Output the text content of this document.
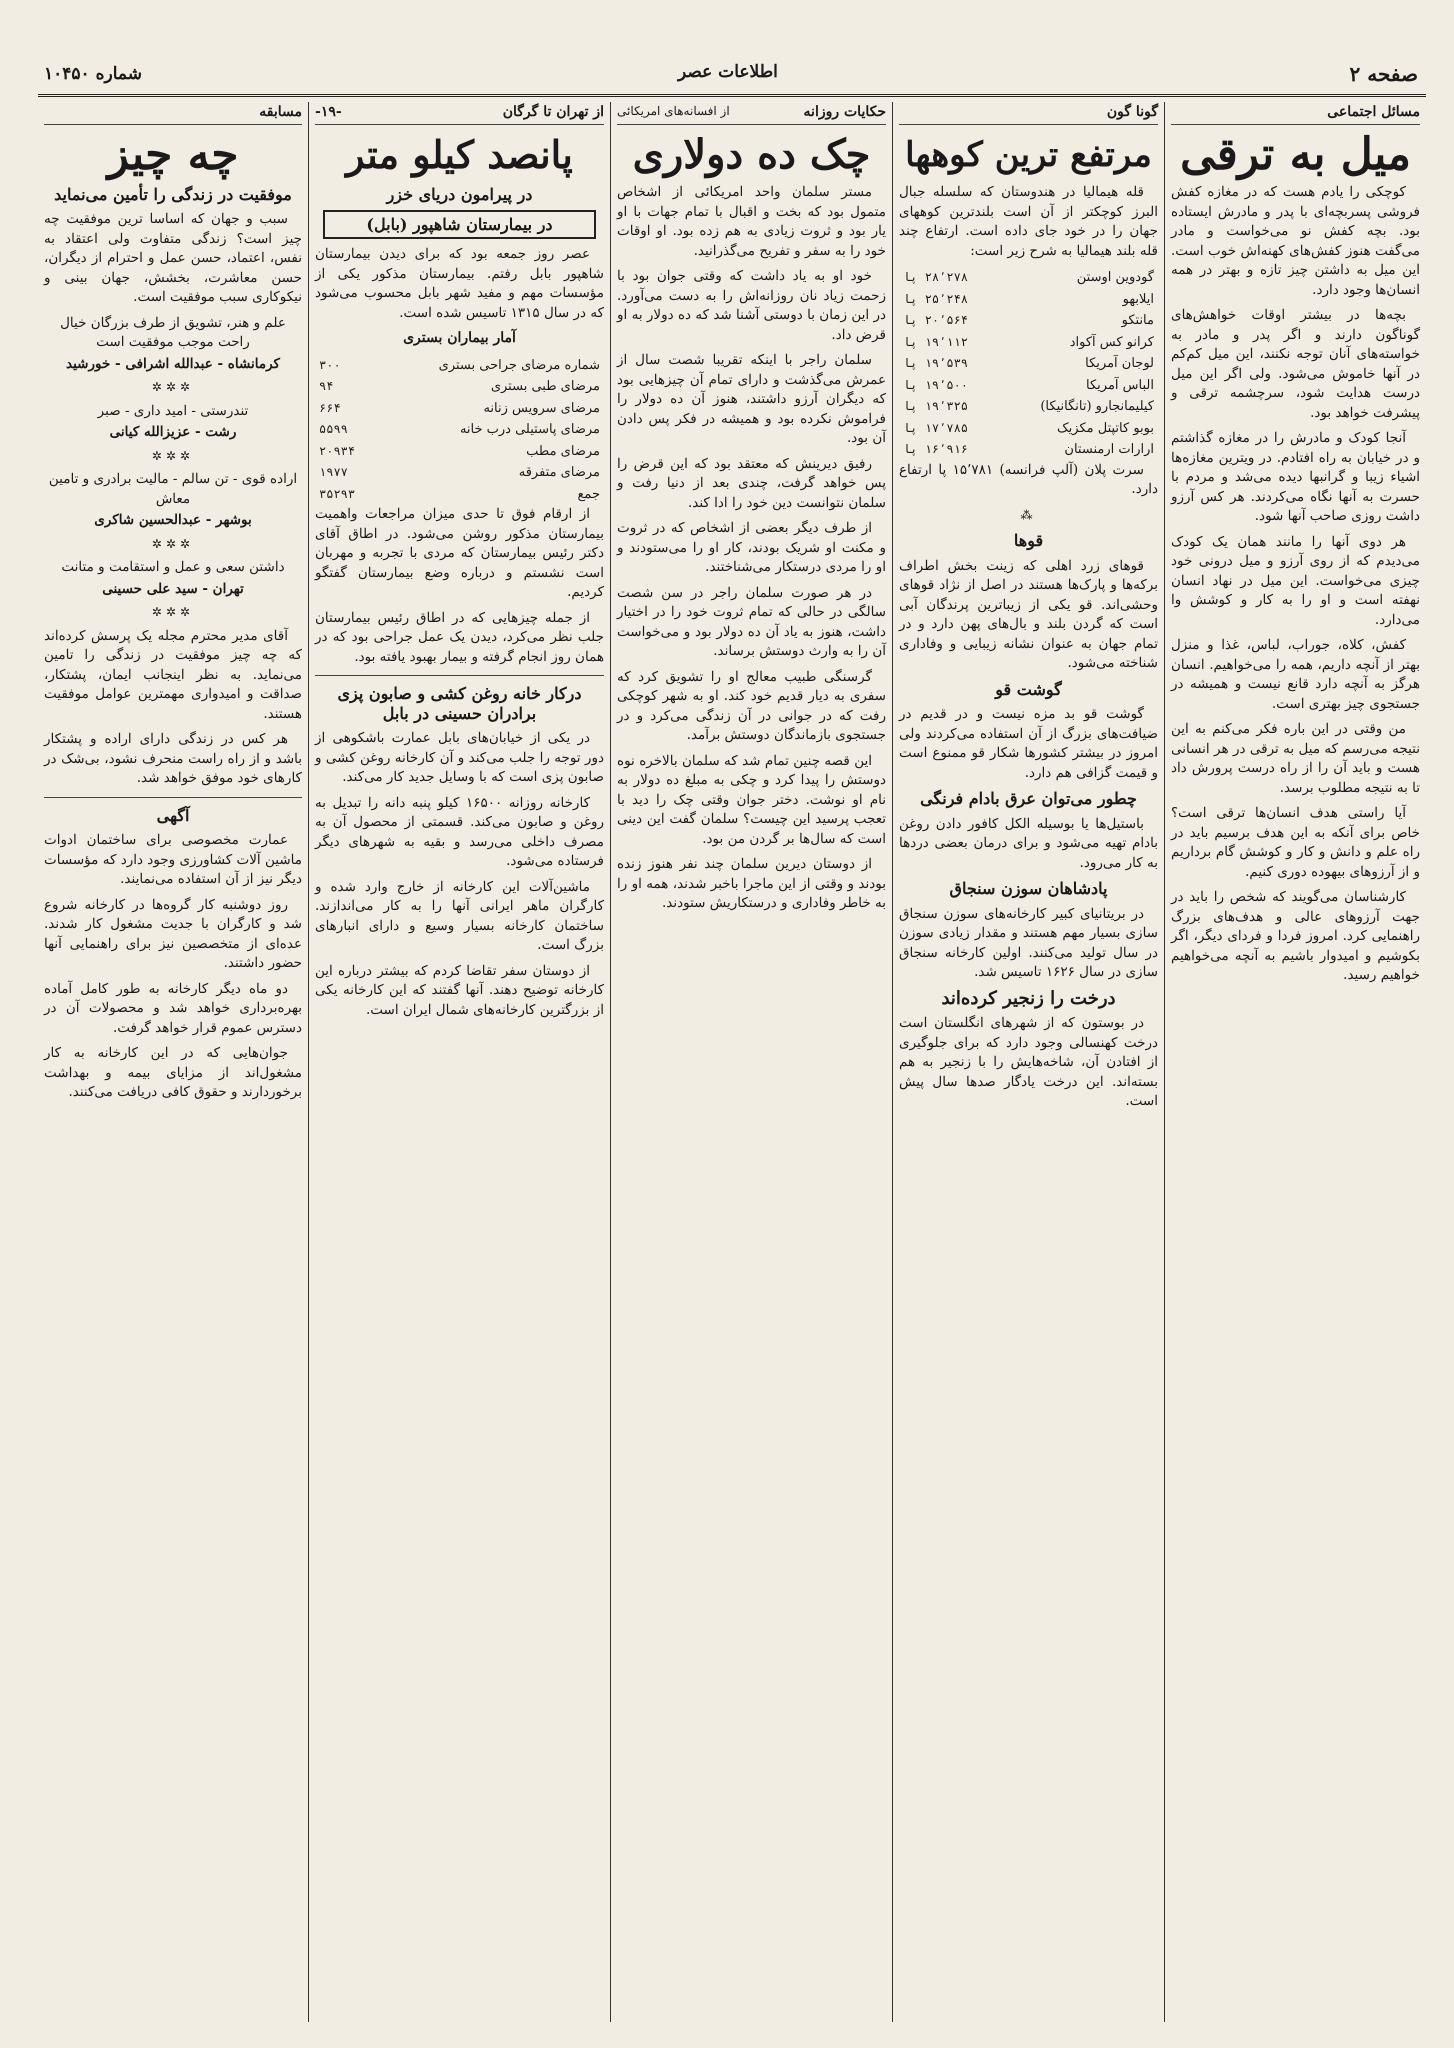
صفحه ۲
اطلاعات عصر
شماره ۱۰۴۵۰
مسائل اجتماعی
میل به ترقی

کوچکی را یادم هست که در مغازه کفش فروشی پسربچه‌ای با پدر و مادرش ایستاده بود. بچه کفش نو می‌خواست و مادر می‌گفت هنوز کفش‌های کهنه‌اش خوب است. این میل به داشتن چیز تازه و بهتر در همه انسان‌ها وجود دارد.

بچه‌ها در بیشتر اوقات خواهش‌های گوناگون دارند و اگر پدر و مادر به خواسته‌های آنان توجه نکنند، این میل کم‌کم در آنها خاموش می‌شود. ولی اگر این میل درست هدایت شود، سرچشمه ترقی و پیشرفت خواهد بود.

آنجا کودک و مادرش را در مغازه گذاشتم و در خیابان به راه افتادم. در ویترین مغازه‌ها اشیاء زیبا و گرانبها دیده می‌شد و مردم با حسرت به آنها نگاه می‌کردند. هر کس آرزو داشت روزی صاحب آنها شود.

هر دوی آنها را مانند همان یک کودک می‌دیدم که از روی آرزو و میل درونی خود چیزی می‌خواست. این میل در نهاد انسان نهفته است و او را به کار و کوشش وا می‌دارد.

کفش، کلاه، جوراب، لباس، غذا و منزل بهتر از آنچه داریم، همه را می‌خواهیم. انسان هرگز به آنچه دارد قانع نیست و همیشه در جستجوی چیز بهتری است.

من وقتی در این باره فکر می‌کنم به این نتیجه می‌رسم که میل به ترقی در هر انسانی هست و باید آن را از راه درست پرورش داد تا به نتیجه مطلوب برسد.

آیا راستی هدف انسان‌ها ترقی است؟ خاص برای آنکه به این هدف برسیم باید در راه علم و دانش و کار و کوشش گام برداریم و از آرزوهای بیهوده دوری کنیم.

کارشناسان می‌گویند که شخص را باید در جهت آرزوهای عالی و هدف‌های بزرگ راهنمایی کرد. امروز فردا و فردای دیگر، اگر بکوشیم و امیدوار باشیم به آنچه می‌خواهیم خواهیم رسید.

گونا گون
مرتفع ترین کوهها

قله هیمالیا در هندوستان که سلسله جبال البرز کوچکتر از آن است بلندترین کوههای جهان را در خود جای داده است. ارتفاع چند قله بلند هیمالیا به شرح زیر است:

گودوین اوستن	۲۸٬۲۷۸ پا
ایلابهو	۲۵٬۲۴۸ پا
مانتکو	۲۰٬۵۶۴ پا
کرانو کس آکواد	۱۹٬۱۱۲ پا
لوجان آمریکا	۱۹٬۵۳۹ پا
الباس آمریکا	۱۹٬۵۰۰ پا
کیلیمانجارو (تانگانیکا)	۱۹٬۳۲۵ پا
بوبو کاتپتل مکزیک	۱۷٬۷۸۵ پا
ارارات ارمنستان	۱۶٬۹۱۶ پا

سرت پلان (آلپ فرانسه) ۱۵٬۷۸۱ پا ارتفاع دارد.

⁂
قوها

قوهای زرد اهلی که زینت بخش اطراف برکه‌ها و پارک‌ها هستند در اصل از نژاد قوهای وحشی‌اند. قو یکی از زیباترین پرندگان آبی است که گردن بلند و بال‌های پهن دارد و در تمام جهان به عنوان نشانه زیبایی و وفاداری شناخته می‌شود.

گوشت قو

گوشت قو بد مزه نیست و در قدیم در ضیافت‌های بزرگ از آن استفاده می‌کردند ولی امروز در بیشتر کشورها شکار قو ممنوع است و قیمت گزافی هم دارد.

چطور می‌توان عرق بادام فرنگی

باستیل‌ها یا بوسیله الکل کافور دادن روغن بادام تهیه می‌شود و برای درمان بعضی دردها به کار می‌رود.

پادشاهان سوزن سنجاق

در بریتانیای کبیر کارخانه‌های سوزن سنجاق سازی بسیار مهم هستند و مقدار زیادی سوزن در سال تولید می‌کنند. اولین کارخانه سنجاق سازی در سال ۱۶۲۶ تاسیس شد.

درخت را زنجیر کرده‌اند

در بوستون که از شهرهای انگلستان است درخت کهنسالی وجود دارد که برای جلوگیری از افتادن آن، شاخه‌هایش را با زنجیر به هم بسته‌اند. این درخت یادگار صدها سال پیش است.

حکایات روزانه
از افسانه‌های امریکائی
چک ده دولاری

مستر سلمان واحد امریکائی از اشخاص متمول بود که بخت و اقبال با تمام جهات با او یار بود و ثروت زیادی به هم زده بود. او اوقات خود را به سفر و تفریح می‌گذرانید.

خود او به یاد داشت که وقتی جوان بود با زحمت زیاد نان روزانه‌اش را به دست می‌آورد. در این زمان با دوستی آشنا شد که ده دولار به او قرض داد.

سلمان راجر با اینکه تقریبا شصت سال از عمرش می‌گذشت و دارای تمام آن چیزهایی بود که دیگران آرزو داشتند، هنوز آن ده دولار را فراموش نکرده بود و همیشه در فکر پس دادن آن بود.

رفیق دیرینش که معتقد بود که این قرض را پس خواهد گرفت، چندی بعد از دنیا رفت و سلمان نتوانست دین خود را ادا کند.

از طرف دیگر بعضی از اشخاص که در ثروت و مکنت او شریک بودند، کار او را می‌ستودند و او را مردی درستکار می‌شناختند.

در هر صورت سلمان راجر در سن شصت سالگی در حالی که تمام ثروت خود را در اختیار داشت، هنوز به یاد آن ده دولار بود و می‌خواست آن را به وارث دوستش برساند.

گرسنگی طبیب معالج او را تشویق کرد که سفری به دیار قدیم خود کند. او به شهر کوچکی رفت که در جوانی در آن زندگی می‌کرد و در جستجوی بازماندگان دوستش برآمد.

این قصه چنین تمام شد که سلمان بالاخره نوه دوستش را پیدا کرد و چکی به مبلغ ده دولار به نام او نوشت. دختر جوان وقتی چک را دید با تعجب پرسید این چیست؟ سلمان گفت این دینی است که سال‌ها بر گردن من بود.

از دوستان دیرین سلمان چند نفر هنوز زنده بودند و وقتی از این ماجرا باخبر شدند، همه او را به خاطر وفاداری و درستکاریش ستودند.

از تهران تا گرگان
-۱۹-
پانصد کیلو متر
در پیرامون دریای خزر
در بیمارستان شاهپور (بابل)

عصر روز جمعه بود که برای دیدن بیمارستان شاهپور بابل رفتم. بیمارستان مذکور یکی از مؤسسات مهم و مفید شهر بابل محسوب می‌شود که در سال ۱۳۱۵ تاسیس شده است.

آمار بیماران بستری
شماره مرضای جراحی بستری	۳۰۰
مرضای طبی بستری	۹۴
مرضای سرویس زنانه	۶۶۴
مرضای پاستیلی درب خانه	۵۵۹۹
مرضای مطب	۲۰۹۳۴
مرضای متفرقه	۱۹۷۷
جمع	۳۵۲۹۳

از ارقام فوق تا حدی میزان مراجعات واهمیت بیمارستان مذکور روشن می‌شود. در اطاق آقای دکتر رئیس بیمارستان که مردی با تجربه و مهربان است نشستم و درباره وضع بیمارستان گفتگو کردیم.

از جمله چیزهایی که در اطاق رئیس بیمارستان جلب نظر می‌کرد، دیدن یک عمل جراحی بود که در همان روز انجام گرفته و بیمار بهبود یافته بود.

درکار خانه روغن کشی و صابون پزی برادران حسینی در بابل

در یکی از خیابان‌های بابل عمارت باشکوهی از دور توجه را جلب می‌کند و آن کارخانه روغن کشی و صابون پزی است که با وسایل جدید کار می‌کند.

کارخانه روزانه ۱۶۵۰۰ کیلو پنبه دانه را تبدیل به روغن و صابون می‌کند. قسمتی از محصول آن به مصرف داخلی می‌رسد و بقیه به شهرهای دیگر فرستاده می‌شود.

ماشین‌آلات این کارخانه از خارج وارد شده و کارگران ماهر ایرانی آنها را به کار می‌اندازند. ساختمان کارخانه بسیار وسیع و دارای انبارهای بزرگ است.

از دوستان سفر تقاضا کردم که بیشتر درباره این کارخانه توضیح دهند. آنها گفتند که این کارخانه یکی از بزرگترین کارخانه‌های شمال ایران است.

مسابقه
چه چیز
موفقیت در زندگی را تأمین می‌نماید

سبب و جهان که اساسا ترین موفقیت چه چیز است؟ زندگی متفاوت ولی اعتقاد به نفس، اعتماد، حسن عمل و احترام از دیگران، حسن معاشرت، بخشش، جهان بینی و نیکوکاری سبب موفقیت است.

علم و هنر، تشویق از طرف بزرگان خیال راحت موجب موفقیت است
کرمانشاه - عبدالله اشرافی - خورشید
✲✲✲
تندرستی - امید داری - صبر
رشت - عزیزالله کیانی
✲✲✲
اراده قوی - تن سالم - مالیت برادری و تامین معاش
بوشهر - عبدالحسین شاکری
✲✲✲
داشتن سعی و عمل و استقامت و متانت
تهران - سید علی حسینی
✲✲✲

آقای مدیر محترم مجله یک پرسش کرده‌اند که چه چیز موفقیت در زندگی را تامین می‌نماید. به نظر اینجانب ایمان، پشتکار، صداقت و امیدواری مهمترین عوامل موفقیت هستند.

هر کس در زندگی دارای اراده و پشتکار باشد و از راه راست منحرف نشود، بی‌شک در کارهای خود موفق خواهد شد.

آگهی

عمارت مخصوصی برای ساختمان ادوات ماشین آلات کشاورزی وجود دارد که مؤسسات دیگر نیز از آن استفاده می‌نمایند.

روز دوشنبه کار گروه‌ها در کارخانه شروع شد و کارگران با جدیت مشغول کار شدند. عده‌ای از متخصصین نیز برای راهنمایی آنها حضور داشتند.

دو ماه دیگر کارخانه به طور کامل آماده بهره‌برداری خواهد شد و محصولات آن در دسترس عموم قرار خواهد گرفت.

جوان‌هایی که در این کارخانه به کار مشغول‌اند از مزایای بیمه و بهداشت برخوردارند و حقوق کافی دریافت می‌کنند.
